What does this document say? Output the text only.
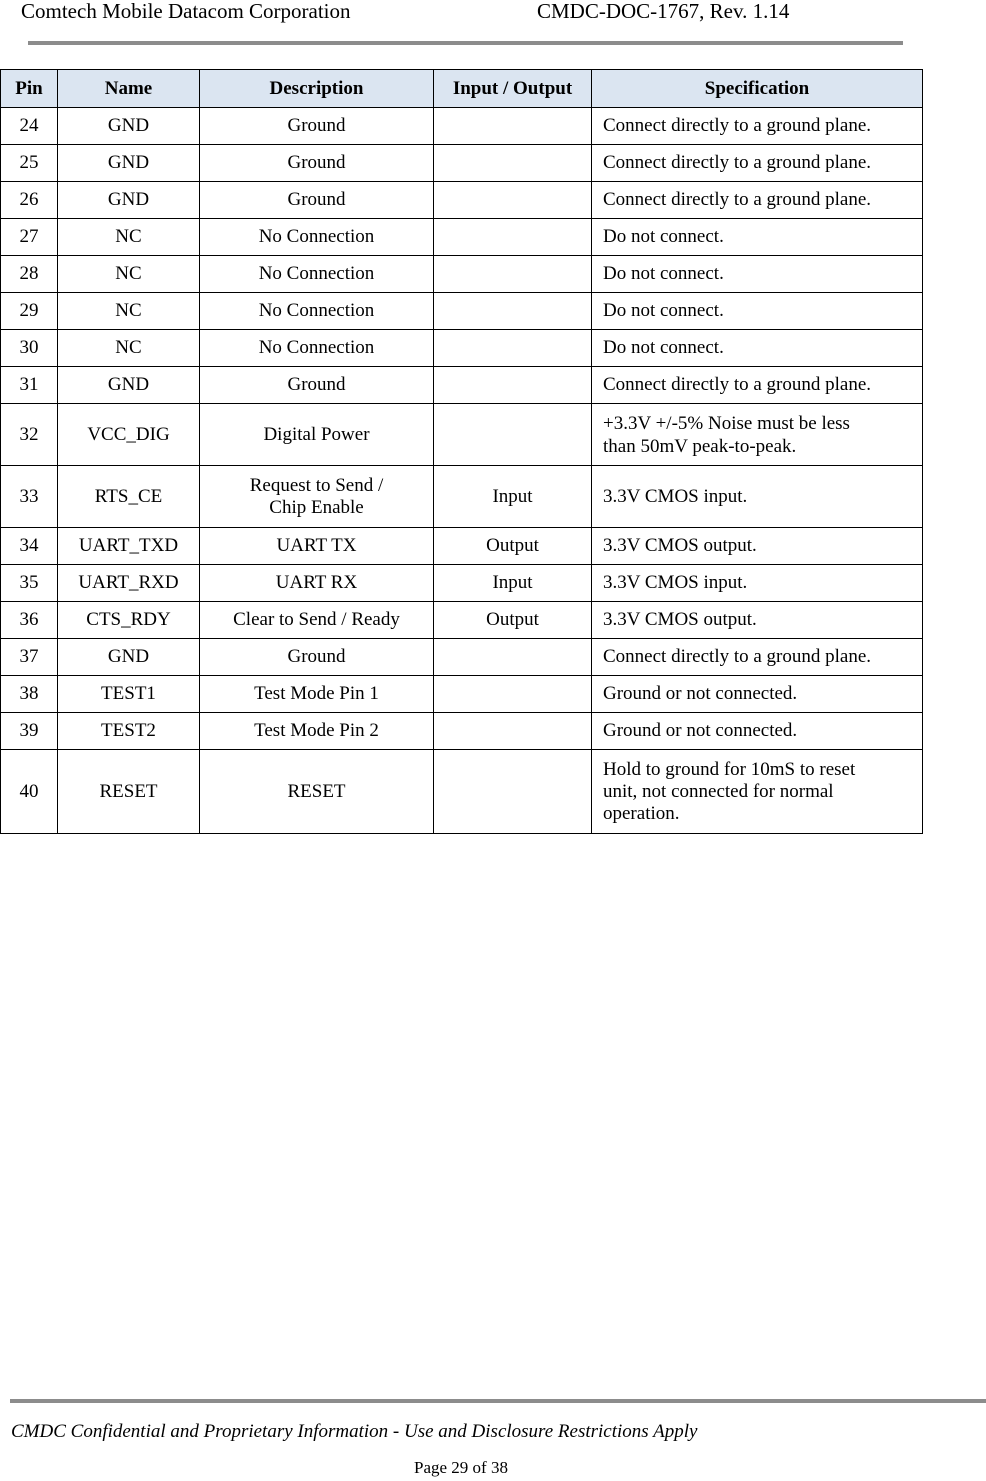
Comtech Mobile Datacom Corporation	CMDC-DOC-1767, Rev. 1.14
Pin	Name	Description	Input / Output	Specification
24	GND	Ground		Connect directly to a ground plane.
25	GND	Ground		Connect directly to a ground plane.
26	GND	Ground		Connect directly to a ground plane.
27	NC	No Connection		Do not connect.
28	NC	No Connection		Do not connect.
29	NC	No Connection		Do not connect.
30	NC	No Connection		Do not connect.
31	GND	Ground		Connect directly to a ground plane.
32	VCC_DIG	Digital Power		+3.3V +/-5% Noise must be less
than 50mV peak-to-peak.

33	RTS_CE	Request to Send /
Chip Enable	Input	3.3V CMOS input.
34	UART_TXD	UART TX	Output	3.3V CMOS output.
35	UART_RXD	UART RX	Input	3.3V CMOS input.
36	CTS_RDY	Clear to Send / Ready	Output	3.3V CMOS output.
37	GND	Ground		Connect directly to a ground plane.
38	TEST1	Test Mode Pin 1		Ground or not connected.
39	TEST2	Test Mode Pin 2		Ground or not connected.
40	RESET	RESET		Hold to ground for 10mS to reset
unit, not connected for normal
operation.
CMDC Confidential and Proprietary Information - Use and Disclosure Restrictions Apply
Page 29 of 38
